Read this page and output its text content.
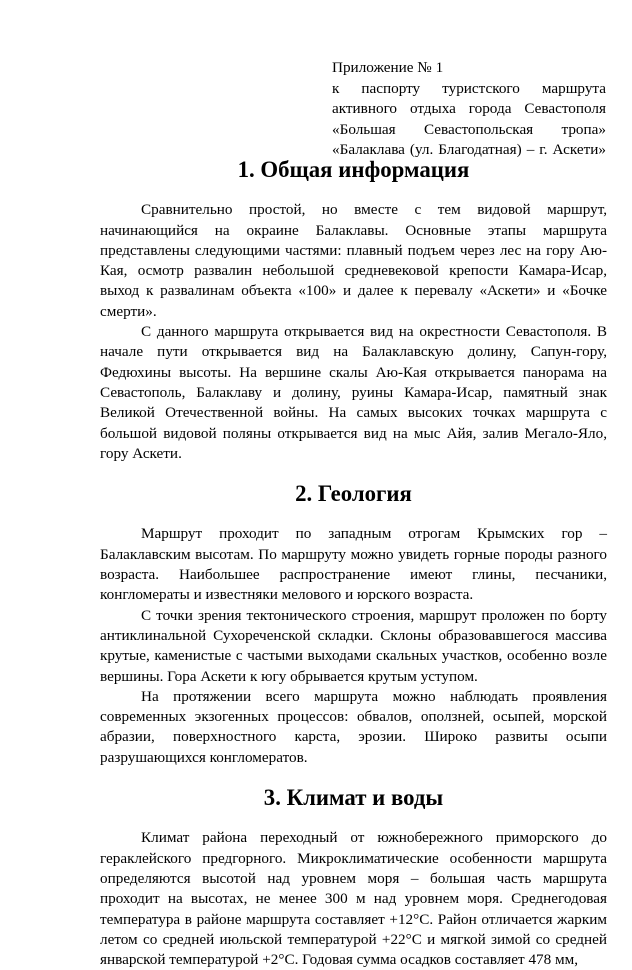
Приложение № 1
к паспорту туристского маршрута
активного отдыха города Севастополя
«Большая Севастопольская тропа»
«Балаклава (ул. Благодатная) – г. Аскети»
1. Общая информация

Сравнительно простой, но вместе с тем видовой маршрут, начинающийся на окраине Балаклавы. Основные этапы маршрута представлены следующими частями: плавный подъем через лес на гору Аю-Кая, осмотр развалин небольшой средневековой крепости Камара-Исар, выход к развалинам объекта «100» и далее к перевалу «Аскети» и «Бочке смерти».

С данного маршрута открывается вид на окрестности Севастополя. В начале пути открывается вид на Балаклавскую долину, Сапун-гору, Федюхины высоты. На вершине скалы Аю-Кая открывается панорама на Севастополь, Балаклаву и долину, руины Камара-Исар, памятный знак Великой Отечественной войны. На самых высоких точках маршрута с большой видовой поляны открывается вид на мыс Айя, залив Мегало-Яло, гору Аскети.

2. Геология

Маршрут проходит по западным отрогам Крымских гор – Балаклавским высотам. По маршруту можно увидеть горные породы разного возраста. Наибольшее распространение имеют глины, песчаники, конгломераты и известняки мелового и юрского возраста.

С точки зрения тектонического строения, маршрут проложен по борту антиклинальной Сухореченской складки. Склоны образовавшегося массива крутые, каменистые с частыми выходами скальных участков, особенно возле вершины. Гора Аскети к югу обрывается крутым уступом.

На протяжении всего маршрута можно наблюдать проявления современных экзогенных процессов: обвалов, оползней, осыпей, морской абразии, поверхностного карста, эрозии. Широко развиты осыпи разрушающихся конгломератов.

3. Климат и воды

Климат района переходный от южнобережного приморского до гераклейского предгорного. Микроклиматические особенности маршрута определяются высотой над уровнем моря – большая часть маршрута проходит на высотах, не менее 300 м над уровнем моря. Среднегодовая температура в районе маршрута составляет +12°C. Район отличается жарким летом со средней июльской температурой +22°C и мягкой зимой со средней январской температурой +2°C. Годовая сумма осадков составляет 478 мм,
